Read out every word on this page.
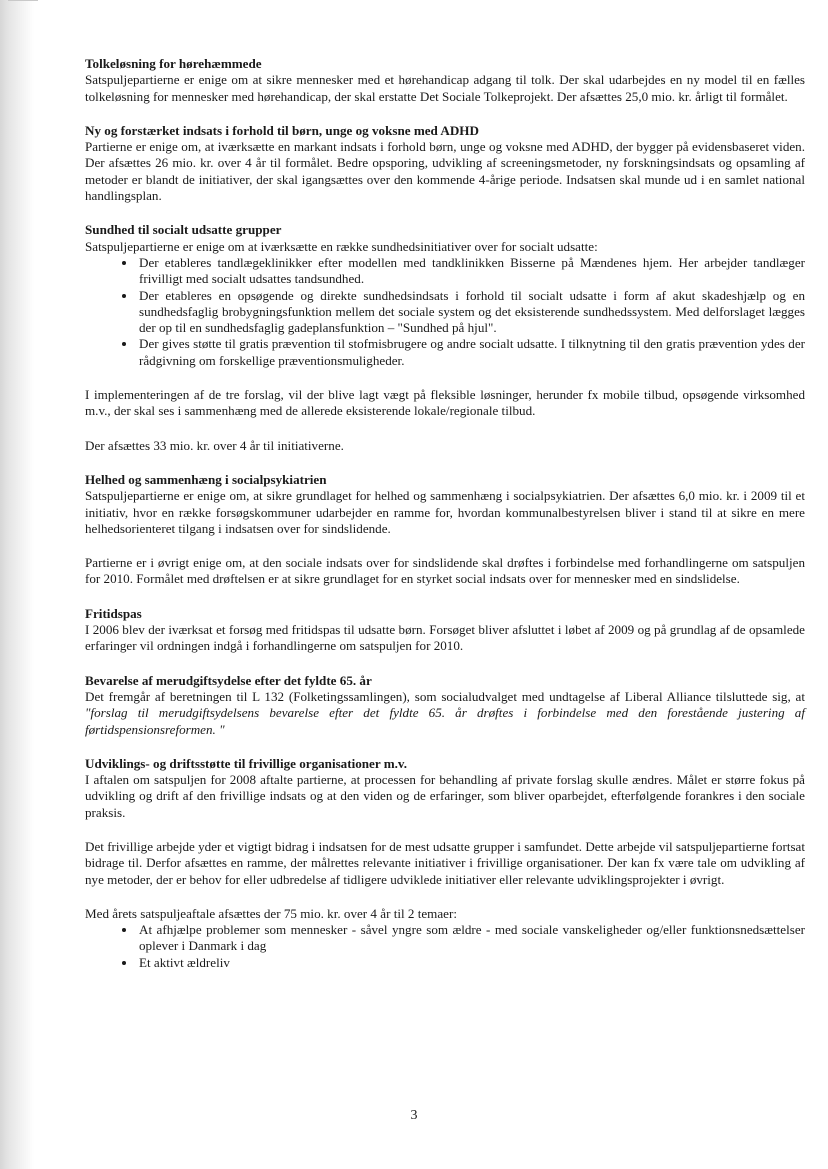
Tolkeløsning for hørehæmmede

Satspuljepartierne er enige om at sikre mennesker med et hørehandicap adgang til tolk. Der skal udarbejdes en ny model til en fælles tolkeløsning for mennesker med hørehandicap, der skal erstatte Det Sociale Tolkeprojekt. Der afsættes 25,0 mio. kr. årligt til formålet.

Ny og forstærket indsats i forhold til børn, unge og voksne med ADHD

Partierne er enige om, at iværksætte en markant indsats i forhold børn, unge og voksne med ADHD, der bygger på evidensbaseret viden. Der afsættes 26 mio. kr. over 4 år til formålet. Bedre opsporing, udvikling af screeningsmetoder, ny forskningsindsats og opsamling af metoder er blandt de initiativer, der skal igangsættes over den kommende 4-årige periode. Indsatsen skal munde ud i en samlet national handlingsplan.

Sundhed til socialt udsatte grupper

Satspuljepartierne er enige om at iværksætte en række sundhedsinitiativer over for socialt udsatte:

• Der etableres tandlægeklinikker efter modellen med tandklinikken Bisserne på Mændenes hjem. Her arbejder tandlæger frivilligt med socialt udsattes tandsundhed.
• Der etableres en opsøgende og direkte sundhedsindsats i forhold til socialt udsatte i form af akut skadeshjælp og en sundhedsfaglig brobygningsfunktion mellem det sociale system og det eksisterende sundhedssystem. Med delforslaget lægges der op til en sundhedsfaglig gadeplansfunktion – "Sundhed på hjul".
• Der gives støtte til gratis prævention til stofmisbrugere og andre socialt udsatte. I tilknytning til den gratis prævention ydes der rådgivning om forskellige præventionsmuligheder.

I implementeringen af de tre forslag, vil der blive lagt vægt på fleksible løsninger, herunder fx mobile tilbud, opsøgende virksomhed m.v., der skal ses i sammenhæng med de allerede eksisterende lokale/regionale tilbud.

Der afsættes 33 mio. kr. over 4 år til initiativerne.

Helhed og sammenhæng i socialpsykiatrien

Satspuljepartierne er enige om, at sikre grundlaget for helhed og sammenhæng i socialpsykiatrien. Der afsættes 6,0 mio. kr. i 2009 til et initiativ, hvor en række forsøgskommuner udarbejder en ramme for, hvordan kommunalbestyrelsen bliver i stand til at sikre en mere helhedsorienteret tilgang i indsatsen over for sindslidende.

Partierne er i øvrigt enige om, at den sociale indsats over for sindslidende skal drøftes i forbindelse med forhandlingerne om satspuljen for 2010. Formålet med drøftelsen er at sikre grundlaget for en styrket social indsats over for mennesker med en sindslidelse.

Fritidspas

I 2006 blev der iværksat et forsøg med fritidspas til udsatte børn. Forsøget bliver afsluttet i løbet af 2009 og på grundlag af de opsamlede erfaringer vil ordningen indgå i forhandlingerne om satspuljen for 2010.

Bevarelse af merudgiftsydelse efter det fyldte 65. år

Det fremgår af beretningen til L 132 (Folketingssamlingen), som socialudvalget med undtagelse af Liberal Alliance tilsluttede sig, at "forslag til merudgiftsydelsens bevarelse efter det fyldte 65. år drøftes i forbindelse med den forestående justering af førtidspensionsreformen. "

Udviklings- og driftsstøtte til frivillige organisationer m.v.

I aftalen om satspuljen for 2008 aftalte partierne, at processen for behandling af private forslag skulle ændres. Målet er større fokus på udvikling og drift af den frivillige indsats og at den viden og de erfaringer, som bliver oparbejdet, efterfølgende forankres i den sociale praksis.

Det frivillige arbejde yder et vigtigt bidrag i indsatsen for de mest udsatte grupper i samfundet. Dette arbejde vil satspuljepartierne fortsat bidrage til. Derfor afsættes en ramme, der målrettes relevante initiativer i frivillige organisationer. Der kan fx være tale om udvikling af nye metoder, der er behov for eller udbredelse af tidligere udviklede initiativer eller relevante udviklingsprojekter i øvrigt.

Med årets satspuljeaftale afsættes der 75 mio. kr. over 4 år til 2 temaer:

• At afhjælpe problemer som mennesker - såvel yngre som ældre - med sociale vanskeligheder og/eller funktionsnedsættelser oplever i Danmark i dag
• Et aktivt ældreliv
3
